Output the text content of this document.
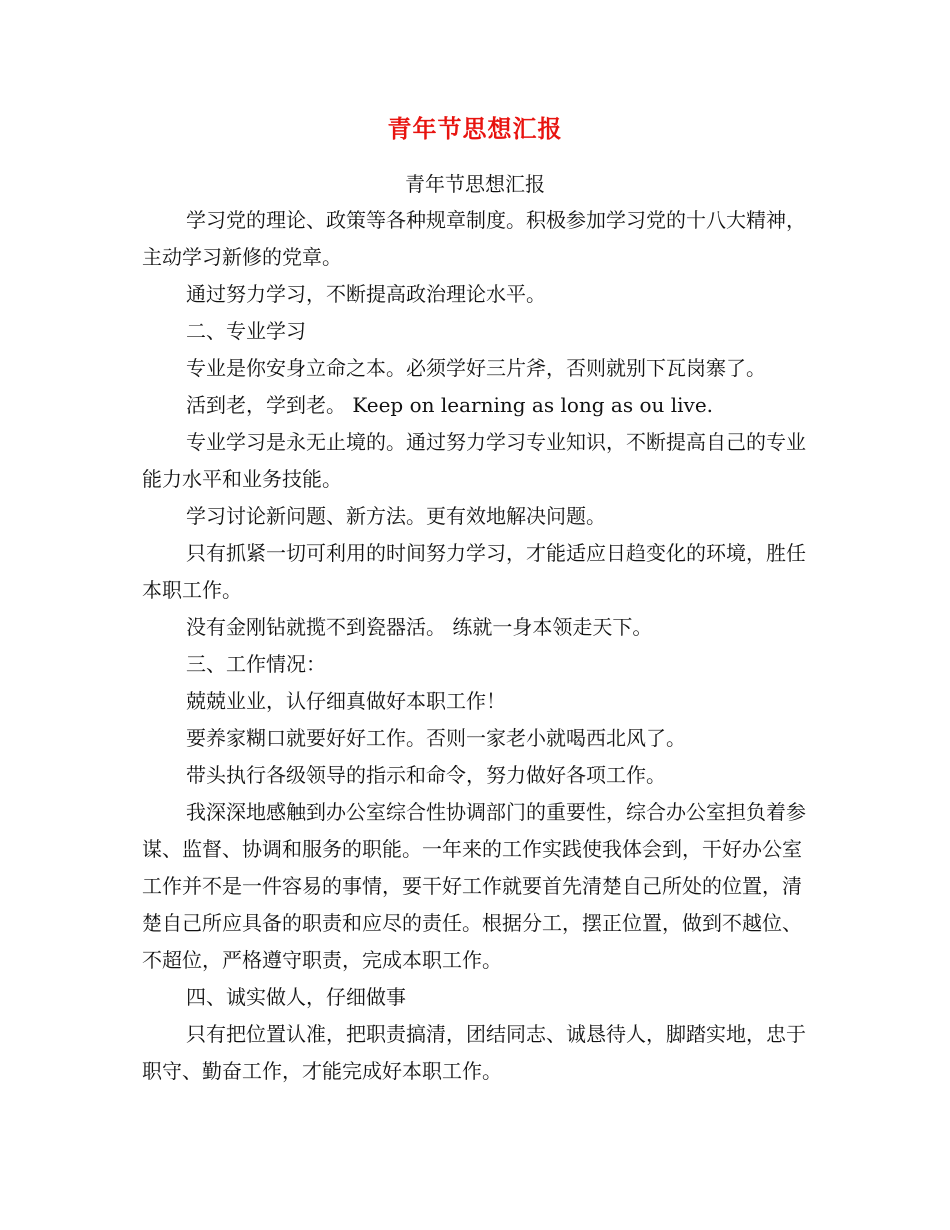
青年节思想汇报
青年节思想汇报

学习党的理论、政策等各种规章制度。积极参加学习党的十八大精神，主动学习新修的党章。

通过努力学习，不断提高政治理论水平。

二、专业学习

专业是你安身立命之本。必须学好三片斧，否则就别下瓦岗寨了。

活到老，学到老。 Keep on learning as long as ou live.

专业学习是永无止境的。通过努力学习专业知识，不断提高自己的专业能力水平和业务技能。

学习讨论新问题、新方法。更有效地解决问题。

只有抓紧一切可利用的时间努力学习，才能适应日趋变化的环境，胜任本职工作。

没有金刚钻就揽不到瓷器活。 练就一身本领走天下。

三、工作情况：

兢兢业业，认仔细真做好本职工作！

要养家糊口就要好好工作。否则一家老小就喝西北风了。

带头执行各级领导的指示和命令，努力做好各项工作。

我深深地感触到办公室综合性协调部门的重要性，综合办公室担负着参谋、监督、协调和服务的职能。一年来的工作实践使我体会到，干好办公室工作并不是一件容易的事情，要干好工作就要首先清楚自己所处的位置，清楚自己所应具备的职责和应尽的责任。根据分工，摆正位置，做到不越位、不超位，严格遵守职责，完成本职工作。

四、诚实做人，仔细做事

只有把位置认准，把职责搞清，团结同志、诚恳待人，脚踏实地，忠于职守、勤奋工作，才能完成好本职工作。
